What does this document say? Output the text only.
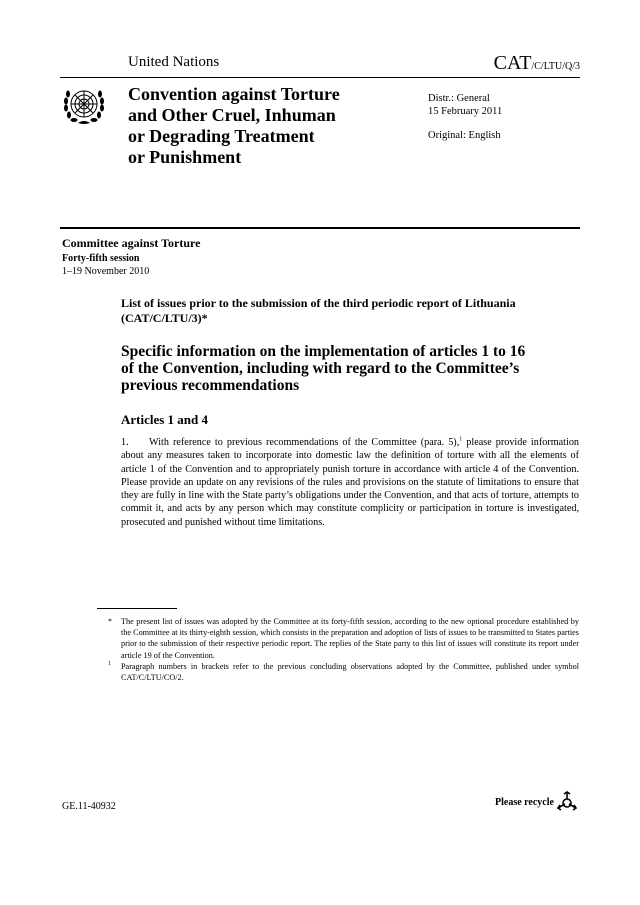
United Nations	CAT/C/LTU/Q/3
Convention against Torture
and Other Cruel, Inhuman
or Degrading Treatment
or Punishment
Distr.: General
15 February 2011
Original: English
Committee against Torture
Forty-fifth session
1–19 November 2010
List of issues prior to the submission of the third periodic report of Lithuania (CAT/C/LTU/3)*
Specific information on the implementation of articles 1 to 16 of the Convention, including with regard to the Committee’s previous recommendations
Articles 1 and 4
1. With reference to previous recommendations of the Committee (para. 5),$^1$ please provide information about any measures taken to incorporate into domestic law the definition of torture with all the elements of article 1 of the Convention and to appropriately punish torture in accordance with article 4 of the Convention. Please provide an update on any revisions of the rules and provisions on the statute of limitations to ensure that they are fully in line with the State party’s obligations under the Convention, and that acts of torture, attempts to commit it, and acts by any person which may constitute complicity or participation in torture is investigated, prosecuted and punished without time limitations.
* The present list of issues was adopted by the Committee at its forty-fifth session, according to the new optional procedure established by the Committee at its thirty-eighth session, which consists in the preparation and adoption of lists of issues to be transmitted to States parties prior to the submission of their respective periodic report. The replies of the State party to this list of issues will constitute its report under article 19 of the Convention.
1 Paragraph numbers in brackets refer to the previous concluding observations adopted by the Committee, published under symbol CAT/C/LTU/CO/2.
GE.11-40932	Please recycle
